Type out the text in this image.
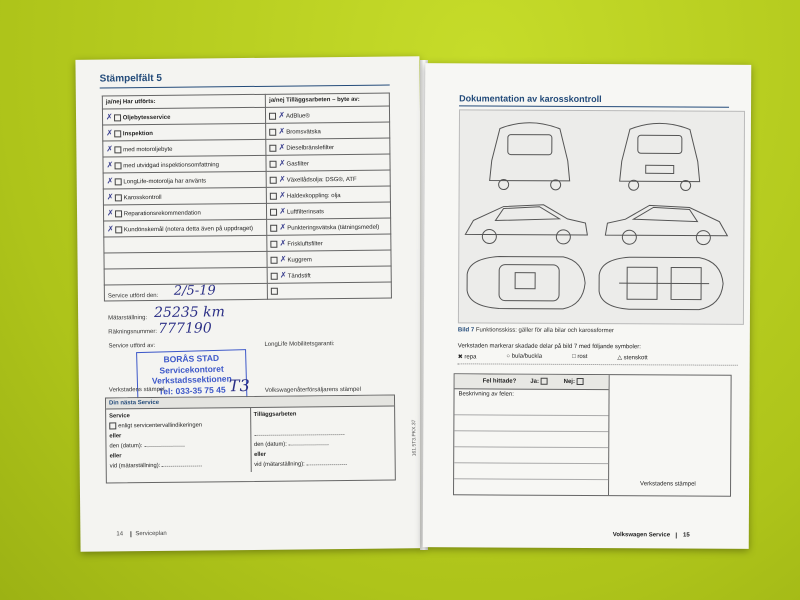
Stämpelfält 5
ja/nej Har utförts:	ja/nej Tilläggsarbeten – byte av:
✗ Oljebytesservice	✗AdBlue®
✗ Inspektion	✗Bromsvätska
✗ med motoroljebyte	✗Dieselbränslefilter
✗ med utvidgad inspektionsomfattning	✗Gasfilter
✗ LongLife-motorolja har använts	✗Växellådsolja: DSG®, ATF
✗ Karosskontroll	✗Haldexkoppling: olja
✗ Reparationsrekommendation	✗Luftfilterinsats
✗ Kundönskemål (notera detta även på uppdraget)	✗Punkteringsvätska (tätningsmedel)
	✗Friskluftsfilter
	✗Kuggrem
	✗Tändstift

Service utförd den: 2/5-19
Mätarställning: 25235 km
Räkningsnummer: 777190
Service utförd av:	LongLife Mobilitetsgaranti:
BORÅS STAD
Servicekontoret
Verkstadssektionen
Tel: 033-35 75 45 T3
Verkstadens stämpel	Volkswagenåterförsäljarens stämpel
Din nästa Service
Service
enligt servicentervallindikeringen
eller
den (datum):
eller
vid (mätarställning):
Tilläggsarbeten
den (datum):
eller
vid (mätarställning):
14 Serviceplan
161.5T3.PKX.37
Dokumentation av karosskontroll
Bild 7 Funktionsskiss: gäller för alla bilar och karossformer
Verkstaden markerar skadade delar på bild 7 med följande symboler:
✖ repa	○ bula/buckla	□ rost	△ stenskott
Fel hittade? Ja:	Nej:
Beskrivning av felen:
Verkstadens stämpel
Volkswagen Service 15
